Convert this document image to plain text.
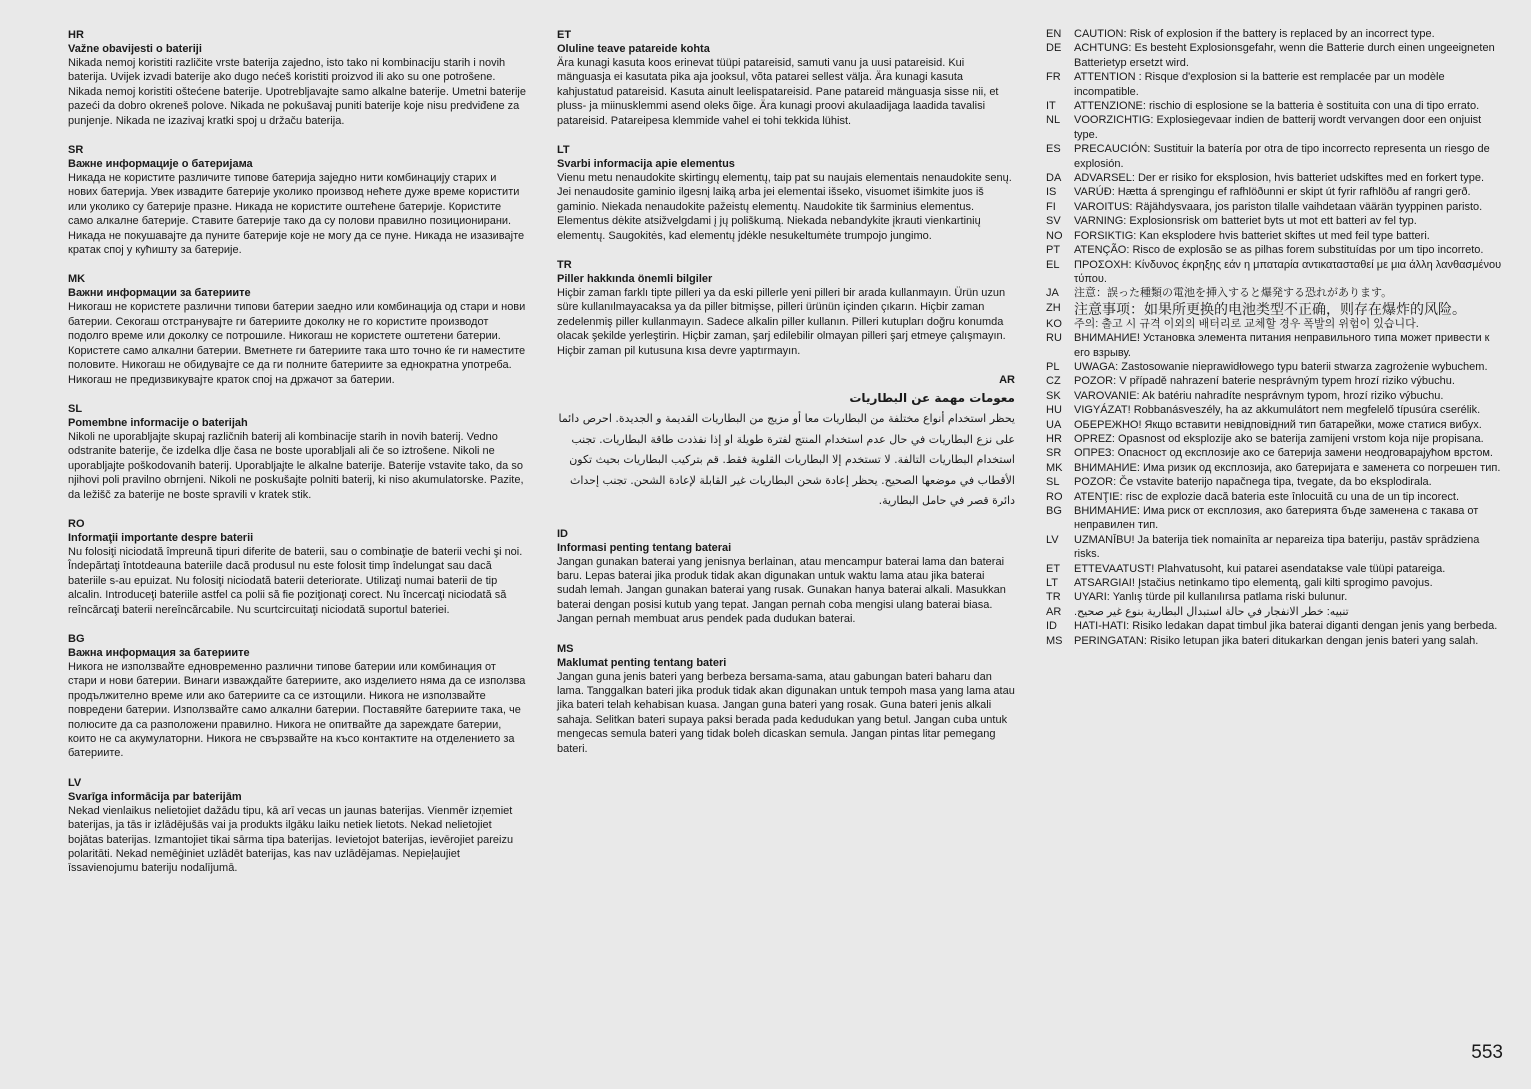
HR
Važne obavijesti o bateriji
Nikada nemoj koristiti različite vrste baterija zajedno, isto tako ni kombinaciju starih i novih baterija. Uvijek izvadi baterije ako dugo nećeš koristiti proizvod ili ako su one potrošene. Nikada nemoj koristiti oštećene baterije. Upotrebljavajte samo alkalne baterije. Umetni baterije pazeći da dobro okreneš polove. Nikada ne pokušavaj puniti baterije koje nisu predviđene za punjenje. Nikada ne izazivaj kratki spoj u držaču baterija.
SR
Важне информације о батеријама
Никада не користите различите типове батерија заједно нити комбинацију старих и нових батерија. Увек извадите батерије уколико производ нећете дуже време користити или уколико су батерије празне. Никада не користите оштећене батерије. Користите само алкалне батерије. Ставите батерије тако да су полови правилно позиционирани. Никада не покушавајте да пуните батерије које не могу да се пуне. Никада не изазивајте кратак спој у кућишту за батерије.
MK
Важни информации за батериите
Никогаш не користете различни типови батерии заедно или комбинација од стари и нови батерии. Секогаш отстранувајте ги батериите доколку не го користите производот подолго време или доколку се потрошиле. Никогаш не користете оштетени батерии. Користете само алкални батерии. Вметнете ги батериите така што точно ќе ги наместите половите. Никогаш не обидувајте се да ги полните батериите за еднократна употреба. Никогаш не предизвикувајте краток спој на држачот за батерии.
SL
Pomembne informacije o baterijah
Nikoli ne uporabljajte skupaj različnih baterij ali kombinacije starih in novih baterij. Vedno odstranite baterije, če izdelka dlje časa ne boste uporabljali ali če so iztrošene. Nikoli ne uporabljajte poškodovanih baterij. Uporabljajte le alkalne baterije. Baterije vstavite tako, da so njihovi poli pravilno obrnjeni. Nikoli ne poskušajte polniti baterij, ki niso akumulatorske. Pazite, da ležišč za baterije ne boste spravili v kratek stik.
RO
Informaţii importante despre baterii
Nu folosiţi niciodată împreună tipuri diferite de baterii, sau o combinaţie de baterii vechi şi noi. Îndepărtaţi întotdeauna bateriile dacă produsul nu este folosit timp îndelungat sau dacă bateriile s-au epuizat. Nu folosiţi niciodată baterii deteriorate. Utilizaţi numai baterii de tip alcalin. Introduceţi bateriile astfel ca polii să fie poziţionaţi corect. Nu încercaţi niciodată să reîncărcaţi baterii nereîncărcabile. Nu scurtcircuitaţi niciodată suportul bateriei.
BG
Важна информация за батериите
Никога не използвайте едновременно различни типове батерии или комбинация от стари и нови батерии. Винаги изваждайте батериите, ако изделието няма да се използва продължително време или ако батериите са се изтощили. Никога не използвайте повредени батерии. Използвайте само алкални батерии. Поставяйте батериите така, че полюсите да са разположени правилно. Никога не опитвайте да зареждате батерии, които не са акумулаторни. Никога не свързвайте на късо контактите на отделението за батериите.
LV
Svarīga informācija par baterijām
Nekad vienlaikus nelietojiet dažādu tipu, kā arī vecas un jaunas baterijas. Vienmēr izņemiet baterijas, ja tās ir izlādējušās vai ja produkts ilgāku laiku netiek lietots. Nekad nelietojiet bojātas baterijas. Izmantojiet tikai sārma tipa baterijas. Ievietojot baterijas, ievērojiet pareizu polaritāti. Nekad nemēģiniet uzlādēt baterijas, kas nav uzlādējamas. Nepieļaujiet īssavienojumu bateriju nodalījumā.
ET
Oluline teave patareide kohta
Ära kunagi kasuta koos erinevat tüüpi patareisid, samuti vanu ja uusi patareisid. Kui mänguasja ei kasutata pika aja jooksul, võta patarei sellest välja. Ära kunagi kasuta kahjustatud patareisid. Kasuta ainult leelispatareisid. Pane patareid mänguasja sisse nii, et pluss- ja miinusklemmi asend oleks õige. Ära kunagi proovi akulaadijaga laadida tavalisi patareisid. Patareipesa klemmide vahel ei tohi tekkida lühist.
LT
Svarbi informacija apie elementus
Vienu metu nenaudokite skirtingų elementų, taip pat su naujais elementais nenaudokite senų. Jei nenaudosite gaminio ilgesnį laiką arba jei elementai išseko, visuomet išimkite juos iš gaminio. Niekada nenaudokite pažeistų elementų. Naudokite tik šarminius elementus. Elementus dėkite atsižvelgdami į jų poliškumą. Niekada nebandykite įkrauti vienkartinių elementų. Saugokitės, kad elementų jdėkle nesukeltumėte trumpojo jungimo.
TR
Piller hakkında önemli bilgiler
Hiçbir zaman farklı tipte pilleri ya da eski pillerle yeni pilleri bir arada kullanmayın. Ürün uzun süre kullanılmayacaksa ya da piller bitmişse, pilleri ürünün içinden çıkarın. Hiçbir zaman zedelenmiş piller kullanmayın. Sadece alkalin piller kullanın. Pilleri kutupları doğru konumda olacak şekilde yerleştirin. Hiçbir zaman, şarj edilebilir olmayan pilleri şarj etmeye çalışmayın. Hiçbir zaman pil kutusuna kısa devre yaptırmayın.
AR
معومات مهمة عن البطاريات
يحظر استخدام أنواع مختلفة من البطاريات معا أو مزيج من البطاريات القديمة و الجديدة. احرص دائما على نزع البطاريات في حال عدم استخدام المنتج لفترة طويلة او إذا نفذدت طاقة البطاريات. تجنب استخدام البطاريات التالفة. لا تستخدم إلا البطاريات القلوية فقط. قم بتركيب البطاريات بحيث تكون الأقطاب في موضعها الصحيح. يحظر إعادة شحن البطاريات غير القابلة لإعادة الشحن. تجنب إحداث دائرة قصر في حامل البطارية.
ID
Informasi penting tentang baterai
Jangan gunakan baterai yang jenisnya berlainan, atau mencampur baterai lama dan baterai baru. Lepas baterai jika produk tidak akan digunakan untuk waktu lama atau jika baterai sudah lemah. Jangan gunakan baterai yang rusak. Gunakan hanya baterai alkali. Masukkan baterai dengan posisi kutub yang tepat. Jangan pernah coba mengisi ulang baterai biasa. Jangan pernah membuat arus pendek pada dudukan baterai.
MS
Maklumat penting tentang bateri
Jangan guna jenis bateri yang berbeza bersama-sama, atau gabungan bateri baharu dan lama. Tanggalkan bateri jika produk tidak akan digunakan untuk tempoh masa yang lama atau jika bateri telah kehabisan kuasa. Jangan guna bateri yang rosak. Guna bateri jenis alkali sahaja. Selitkan bateri supaya paksi berada pada kedudukan yang betul. Jangan cuba untuk mengecas semula bateri yang tidak boleh dicaskan semula. Jangan pintas litar pemegang bateri.
EN	CAUTION: Risk of explosion if the battery is replaced by an incorrect type.
DE	ACHTUNG: Es besteht Explosionsgefahr, wenn die Batterie durch einen ungeeigneten Batterietyp ersetzt wird.
FR	ATTENTION : Risque d'explosion si la batterie est remplacée par un modèle incompatible.
IT	ATTENZIONE: rischio di esplosione se la batteria è sostituita con una di tipo errato.
NL	VOORZICHTIG: Explosiegevaar indien de batterij wordt vervangen door een onjuist type.
ES	PRECAUCIÓN: Sustituir la batería por otra de tipo incorrecto representa un riesgo de explosión.
DA	ADVARSEL: Der er risiko for eksplosion, hvis batteriet udskiftes med en forkert type.
IS	VARÚÐ: Hætta á sprengingu ef rafhlöðunni er skipt út fyrir rafhlöðu af rangri gerð.
FI	VAROITUS: Räjähdysvaara, jos pariston tilalle vaihdetaan väärän tyyppinen paristo.
SV	VARNING: Explosionsrisk om batteriet byts ut mot ett batteri av fel typ.
NO	FORSIKTIG: Kan eksplodere hvis batteriet skiftes ut med feil type batteri.
PT	ATENÇÃO: Risco de explosão se as pilhas forem substituídas por um tipo incorreto.
EL	ΠΡΟΣΟΧΗ: Κίνδυνος έκρηξης εάν η μπαταρία αντικατασταθεί με μια άλλη λανθασμένου τύπου.
JA	注意：誤った種類の電池を挿入すると爆発する恐れがあります。
ZH 注意事项：如果所更换的电池类型不正确，则存在爆炸的风险。
KO	주의: 출고 시 규격 이외의 배터리로 교체할 경우 폭발의 위험이 있습니다.
RU	ВНИМАНИЕ! Установка элемента питания неправильного типа может привести к его взрыву.
PL	UWAGA: Zastosowanie nieprawidłowego typu baterii stwarza zagrożenie wybuchem.
CZ	POZOR: V případě nahrazení baterie nesprávným typem hrozí riziko výbuchu.
SK	VAROVANIE: Ak batériu nahradíte nesprávnym typom, hrozí riziko výbuchu.
HU	VIGYÁZAT! Robbanásveszély, ha az akkumulátort nem megfelelő típusúra cserélik.
UA	ОБЕРЕЖНО! Якщо вставити невідповідний тип батарейки, може статися вибух.
HR	OPREZ: Opasnost od eksplozije ako se baterija zamijeni vrstom koja nije propisana.
SR	ОПРЕЗ: Опасност од експлозије ако се батерија замени неодговарајућом врстом.
MK	ВНИМАНИЕ: Има ризик од експлозија, ако батеријата е заменета со погрешен тип.
SL	POZOR: Če vstavite baterijo napačnega tipa, tvegate, da bo eksplodirala.
RO	ATENŢIE: risc de explozie dacă bateria este înlocuită cu una de un tip incorect.
BG	ВНИМАНИЕ: Има риск от експлозия, ако батерията бъде заменена с такава от неправилен тип.
LV	UZMANĪBU! Ja baterija tiek nomainīta ar nepareiza tipa bateriju, pastāv sprādziena risks.
ET	ETTEVAATUST! Plahvatusoht, kui patarei asendatakse vale tüüpi patareiga.
LT	ATSARGIAI! Įstačius netinkamo tipo elementą, gali kilti sprogimo pavojus.
TR	UYARI: Yanlış türde pil kullanılırsa patlama riski bulunur.
AR	تنبيه: خطر الانفجار في حالة استبدال البطارية بنوع غير صحيح.
ID	HATI-HATI: Risiko ledakan dapat timbul jika baterai diganti dengan jenis yang berbeda.
MS	PERINGATAN: Risiko letupan jika bateri ditukarkan dengan jenis bateri yang salah.
553
